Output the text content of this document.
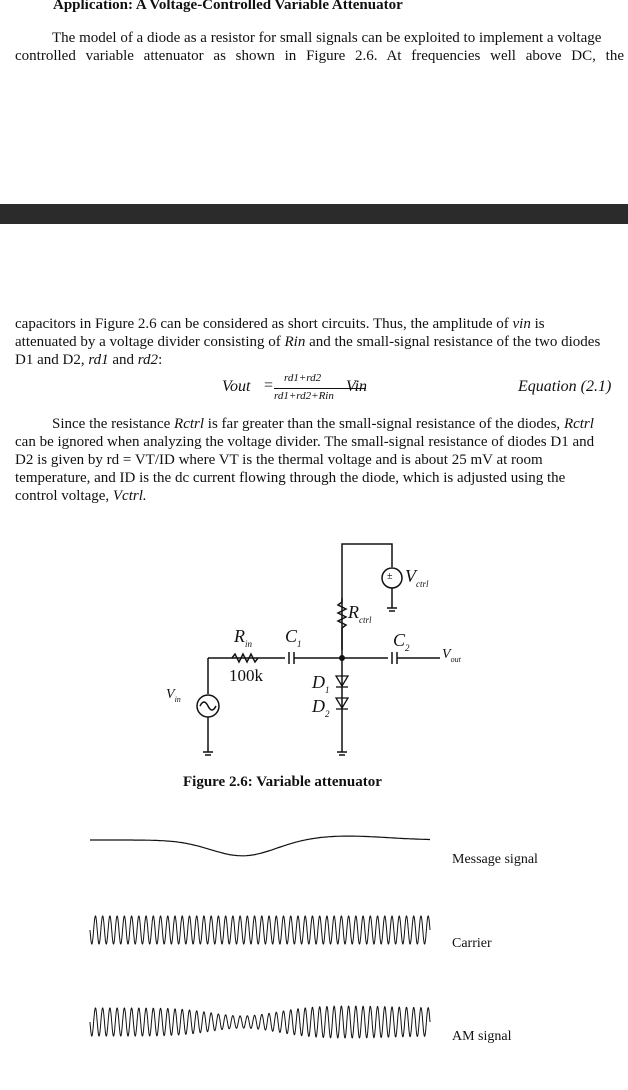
Application: A Voltage-Controlled Variable Attenuator
The model of a diode as a resistor for small signals can be exploited to implement a voltage
controlled variable attenuator as shown in Figure 2.6. At frequencies well above DC, the
capacitors in Figure 2.6 can be considered as short circuits. Thus, the amplitude of vin is
attenuated by a voltage divider consisting of Rin and the small-signal resistance of the two diodes
D1 and D2, rd1 and rd2:
Vout = rd1+rd2
rd1+rd2+Rin
Vin	Equation (2.1)
Since the resistance Rctrl is far greater than the small-signal resistance of the diodes, Rctrl
can be ignored when analyzing the voltage divider. The small-signal resistance of diodes D1 and
D2 is given by rd = VT/ID where VT is the thermal voltage and is about 25 mV at room
temperature, and ID is the dc current flowing through the diode, which is adjusted using the
control voltage, Vctrl.
±
$R_{in}$ $C_1$	$C_2$
$R_{ctrl}$
$V_{ctrl}$
$V_{out}$
$V_{in}$
$D_1$
$D_2$
100k
Figure 2.6: Variable attenuator
Message signal
Carrier
AM signal
